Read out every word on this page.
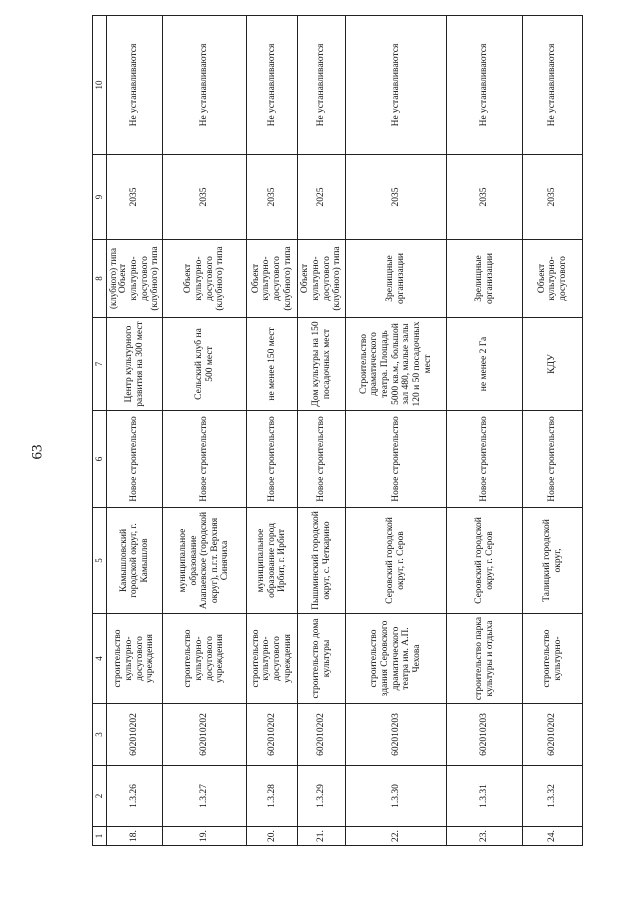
63
1	2	3	4	5	6	7	8	9	10
18.	1.3.26	602010202	строительство культурно-досугового учреждения	Камышловский городской округ, г. Камышлов	Новое строительство	Центр культурного развития на 300 мест	(клубного) типа Объект культурно-досугового (клубного) типа	2035	Не устанавливаются
19.	1.3.27	602010202	строительство культурно-досугового учреждения	муниципальное образование Алапаевское (городской округ), п.г.т. Верхняя Синячиха	Новое строительство	Сельский клуб на 500 мест	Объект культурно-досугового (клубного) типа	2035	Не устанавливаются
20.	1.3.28	602010202	строительство культурно-досугового учреждения	муниципальное образование город Ирбит, г. Ирбит	Новое строительство	не менее 150 мест	Объект культурно-досугового (клубного) типа	2035	Не устанавливаются
21.	1.3.29	602010202	строительство дома культуры	Пышминский городской округ, с. Четкарино	Новое строительство	Дом культуры на 150 посадочных мест	Объект культурно-досугового (клубного) типа	2025	Не устанавливаются
22.	1.3.30	602010203	строительство здания Серовского драматического театра им. А.П. Чехова	Серовский городской округ, г. Серов	Новое строительство	Строительство драматического театра. Площадь 5000 кв.м., большой зал 480, малые залы 120 и 50 посадочных мест	Зрелищные организации	2035	Не устанавливаются
23.	1.3.31	602010203	строительство парка культуры и отдыха	Серовский городской округ, г. Серов	Новое строительство	не менее 2 Га	Зрелищные организации	2035	Не устанавливаются
24.	1.3.32	602010202	строительство культурно-	Талицкий городской округ,	Новое строительство	КДУ	Объект культурно-досугового	2035	Не устанавливаются
